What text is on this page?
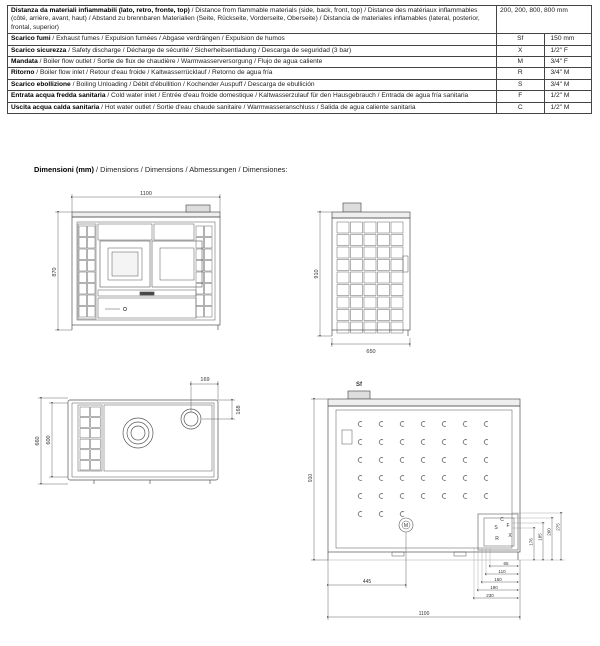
Distanza da materiali infiammabili (lato, retro, fronte, top) / Distance from flammable materials (side, back, front, top) / Distance des matériaux inflammables (côté, arrière, avant, haut) / Abstand zu brennbaren Materialien (Seite, Rückseite, Vorderseite, Oberseite) / Distancia de materiales inflamables (lateral, posterior, frontal, superior)	200, 200, 800, 800 mm	
Scarico fumi / Exhaust fumes / Expulsion fumées / Abgase verdrängen / Expulsion de humos	Sf	150 mm
Scarico sicurezza / Safety discharge / Décharge de sécurité / Sicherheitsentladung / Descarga de seguridad (3 bar)	X	1/2" F
Mandata / Boiler flow outlet / Sortie de flux de chaudière / Warmwasserversorgung / Flujo de agua caliente	M	3/4" F
Ritorno / Boiler flow inlet / Retour d'eau froide / Kaltwasserrücklauf / Retorno de agua fría	R	3/4" M
Scarico ebollizione / Boiling Unloading / Débit d'ébullition / Kochender Auspuff / Descarga de ebullición	S	3/4" M
Entrata acqua fredda sanitaria / Cold water inlet / Entrée d'eau froide domestique / Kaltwasserzulauf für den Hausgebrauch / Entrada de agua fría sanitaria	F	1/2" M
Uscita acqua calda sanitaria / Hot water outlet / Sortie d'eau chaude sanitaire / Warmwasseranschluss / Salida de agua caliente sanitaria	C	1/2" M
Dimensioni (mm) / Dimensions / Dimensions / Abmessungen / Dimensiones:
1100
870	910
650
169
168
660 600
Sf
C
F
S
R
M
X
910
445
1100
65
110
150
190
230
176
185
260
275
